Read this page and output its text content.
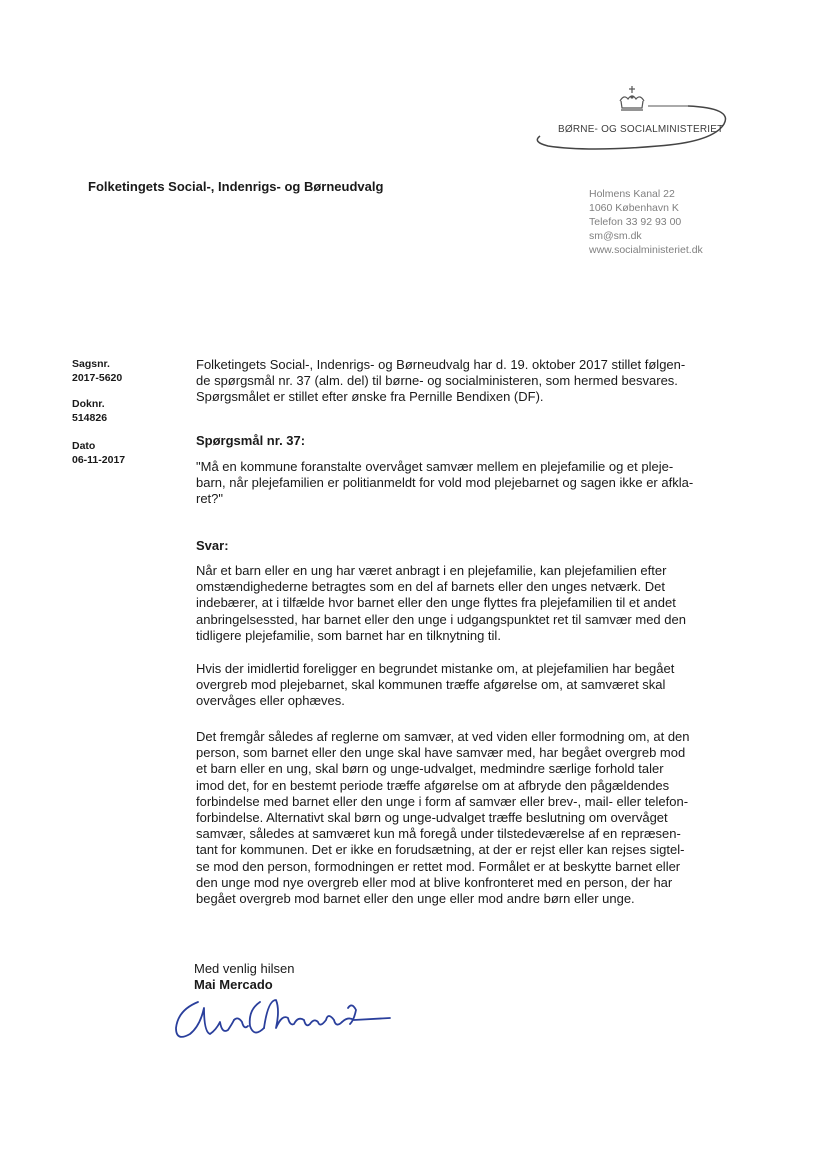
BØRNE- OG SOCIALMINISTERIET
Folketingets Social-, Indenrigs- og Børneudvalg	Holmens Kanal 22
1060 København K
Telefon 33 92 93 00
sm@sm.dk
www.socialministeriet.dk
Sagsnr.
2017-5620
Doknr.
514826
Dato
06-11-2017
Folketingets Social-, Indenrigs- og Børneudvalg har d. 19. oktober 2017 stillet følgen-
de spørgsmål nr. 37 (alm. del) til børne- og socialministeren, som hermed besvares.
Spørgsmålet er stillet efter ønske fra Pernille Bendixen (DF).
Spørgsmål nr. 37:
"Må en kommune foranstalte overvåget samvær mellem en plejefamilie og et pleje-
barn, når plejefamilien er politianmeldt for vold mod plejebarnet og sagen ikke er afkla-
ret?"
Svar:
Når et barn eller en ung har været anbragt i en plejefamilie, kan plejefamilien efter
omstændighederne betragtes som en del af barnets eller den unges netværk. Det
indebærer, at i tilfælde hvor barnet eller den unge flyttes fra plejefamilien til et andet
anbringelsessted, har barnet eller den unge i udgangspunktet ret til samvær med den
tidligere plejefamilie, som barnet har en tilknytning til.
Hvis der imidlertid foreligger en begrundet mistanke om, at plejefamilien har begået
overgreb mod plejebarnet, skal kommunen træffe afgørelse om, at samværet skal
overvåges eller ophæves.
Det fremgår således af reglerne om samvær, at ved viden eller formodning om, at den
person, som barnet eller den unge skal have samvær med, har begået overgreb mod
et barn eller en ung, skal børn og unge-udvalget, medmindre særlige forhold taler
imod det, for en bestemt periode træffe afgørelse om at afbryde den pågældendes
forbindelse med barnet eller den unge i form af samvær eller brev-, mail- eller telefon-
forbindelse. Alternativt skal børn og unge-udvalget træffe beslutning om overvåget
samvær, således at samværet kun må foregå under tilstedeværelse af en repræsen-
tant for kommunen. Det er ikke en forudsætning, at der er rejst eller kan rejses sigtel-
se mod den person, formodningen er rettet mod. Formålet er at beskytte barnet eller
den unge mod nye overgreb eller mod at blive konfronteret med en person, der har
begået overgreb mod barnet eller den unge eller mod andre børn eller unge.
Med venlig hilsen
Mai Mercado
